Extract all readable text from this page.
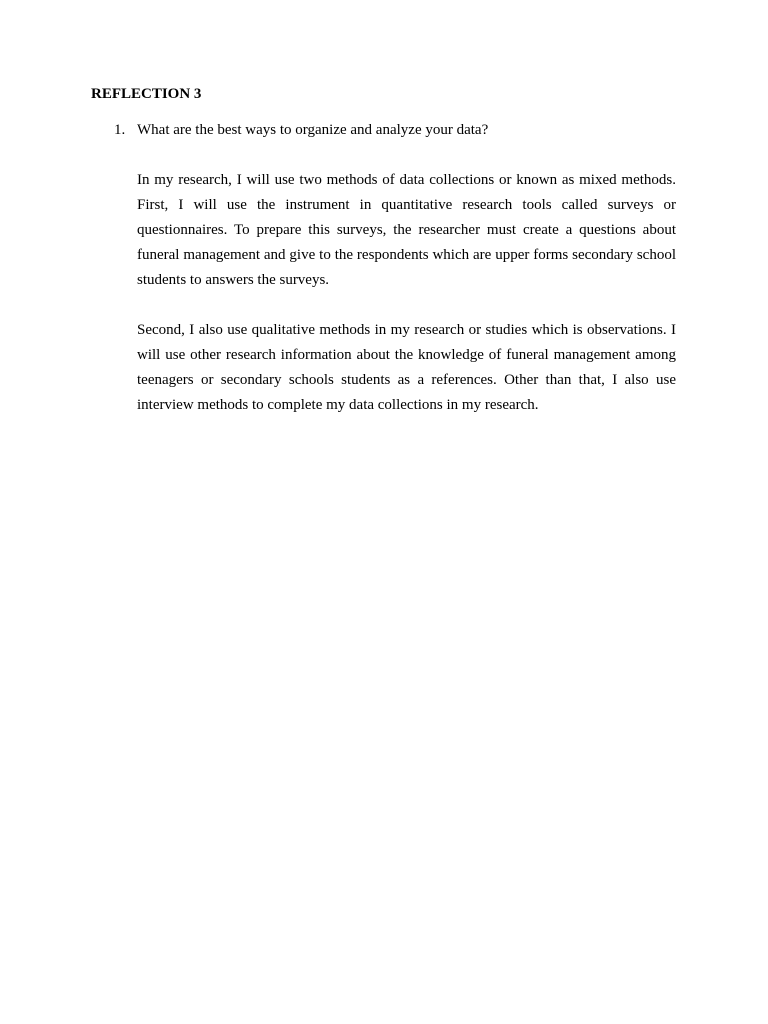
REFLECTION 3
1. What are the best ways to organize and analyze your data?

In my research, I will use two methods of data collections or known as mixed methods. First, I will use the instrument in quantitative research tools called surveys or questionnaires. To prepare this surveys, the researcher must create a questions about funeral management and give to the respondents which are upper forms secondary school students to answers the surveys.

Second, I also use qualitative methods in my research or studies which is observations. I will use other research information about the knowledge of funeral management among teenagers or secondary schools students as a references. Other than that, I also use interview methods to complete my data collections in my research.
